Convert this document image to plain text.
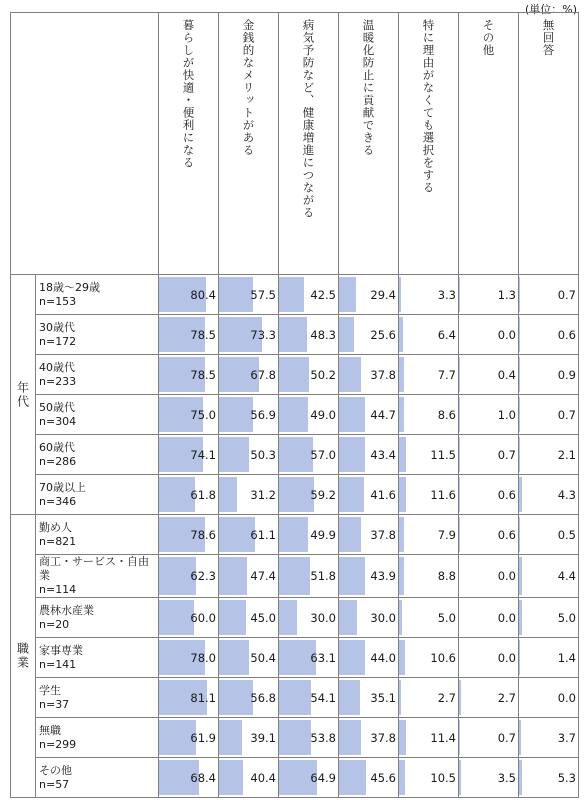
(単位：%)

		暮らしが快適・便利になる	金銭的なメリットがある	病気予防など、健康増進につながる	温暖化防止に貢献できる	特に理由がなくても選択をする	その他	無回答

年代	18歳～29歳
n=153	80.4	57.5	42.5	29.4	3.3	1.3	0.7

	30歳代
n=172	78.5	73.3	48.3	25.6	6.4	0.0	0.6

	40歳代
n=233	78.5	67.8	50.2	37.8	7.7	0.4	0.9

	50歳代
n=304	75.0	56.9	49.0	44.7	8.6	1.0	0.7

	60歳代
n=286	74.1	50.3	57.0	43.4	11.5	0.7	2.1

	70歳以上
n=346	61.8	31.2	59.2	41.6	11.6	0.6	4.3

職業	勤め人
n=821	78.6	61.1	49.9	37.8	7.9	0.6	0.5

	商工・サービス・自由業
n=114	62.3	47.4	51.8	43.9	8.8	0.0	4.4

	農林水産業
n=20	60.0	45.0	30.0	30.0	5.0	0.0	5.0

	家事専業
n=141	78.0	50.4	63.1	44.0	10.6	0.0	1.4

	学生
n=37	81.1	56.8	54.1	35.1	2.7	2.7	0.0

	無職
n=299	61.9	39.1	53.8	37.8	11.4	0.7	3.7

	その他
n=57	68.4	40.4	64.9	45.6	10.5	3.5	5.3
